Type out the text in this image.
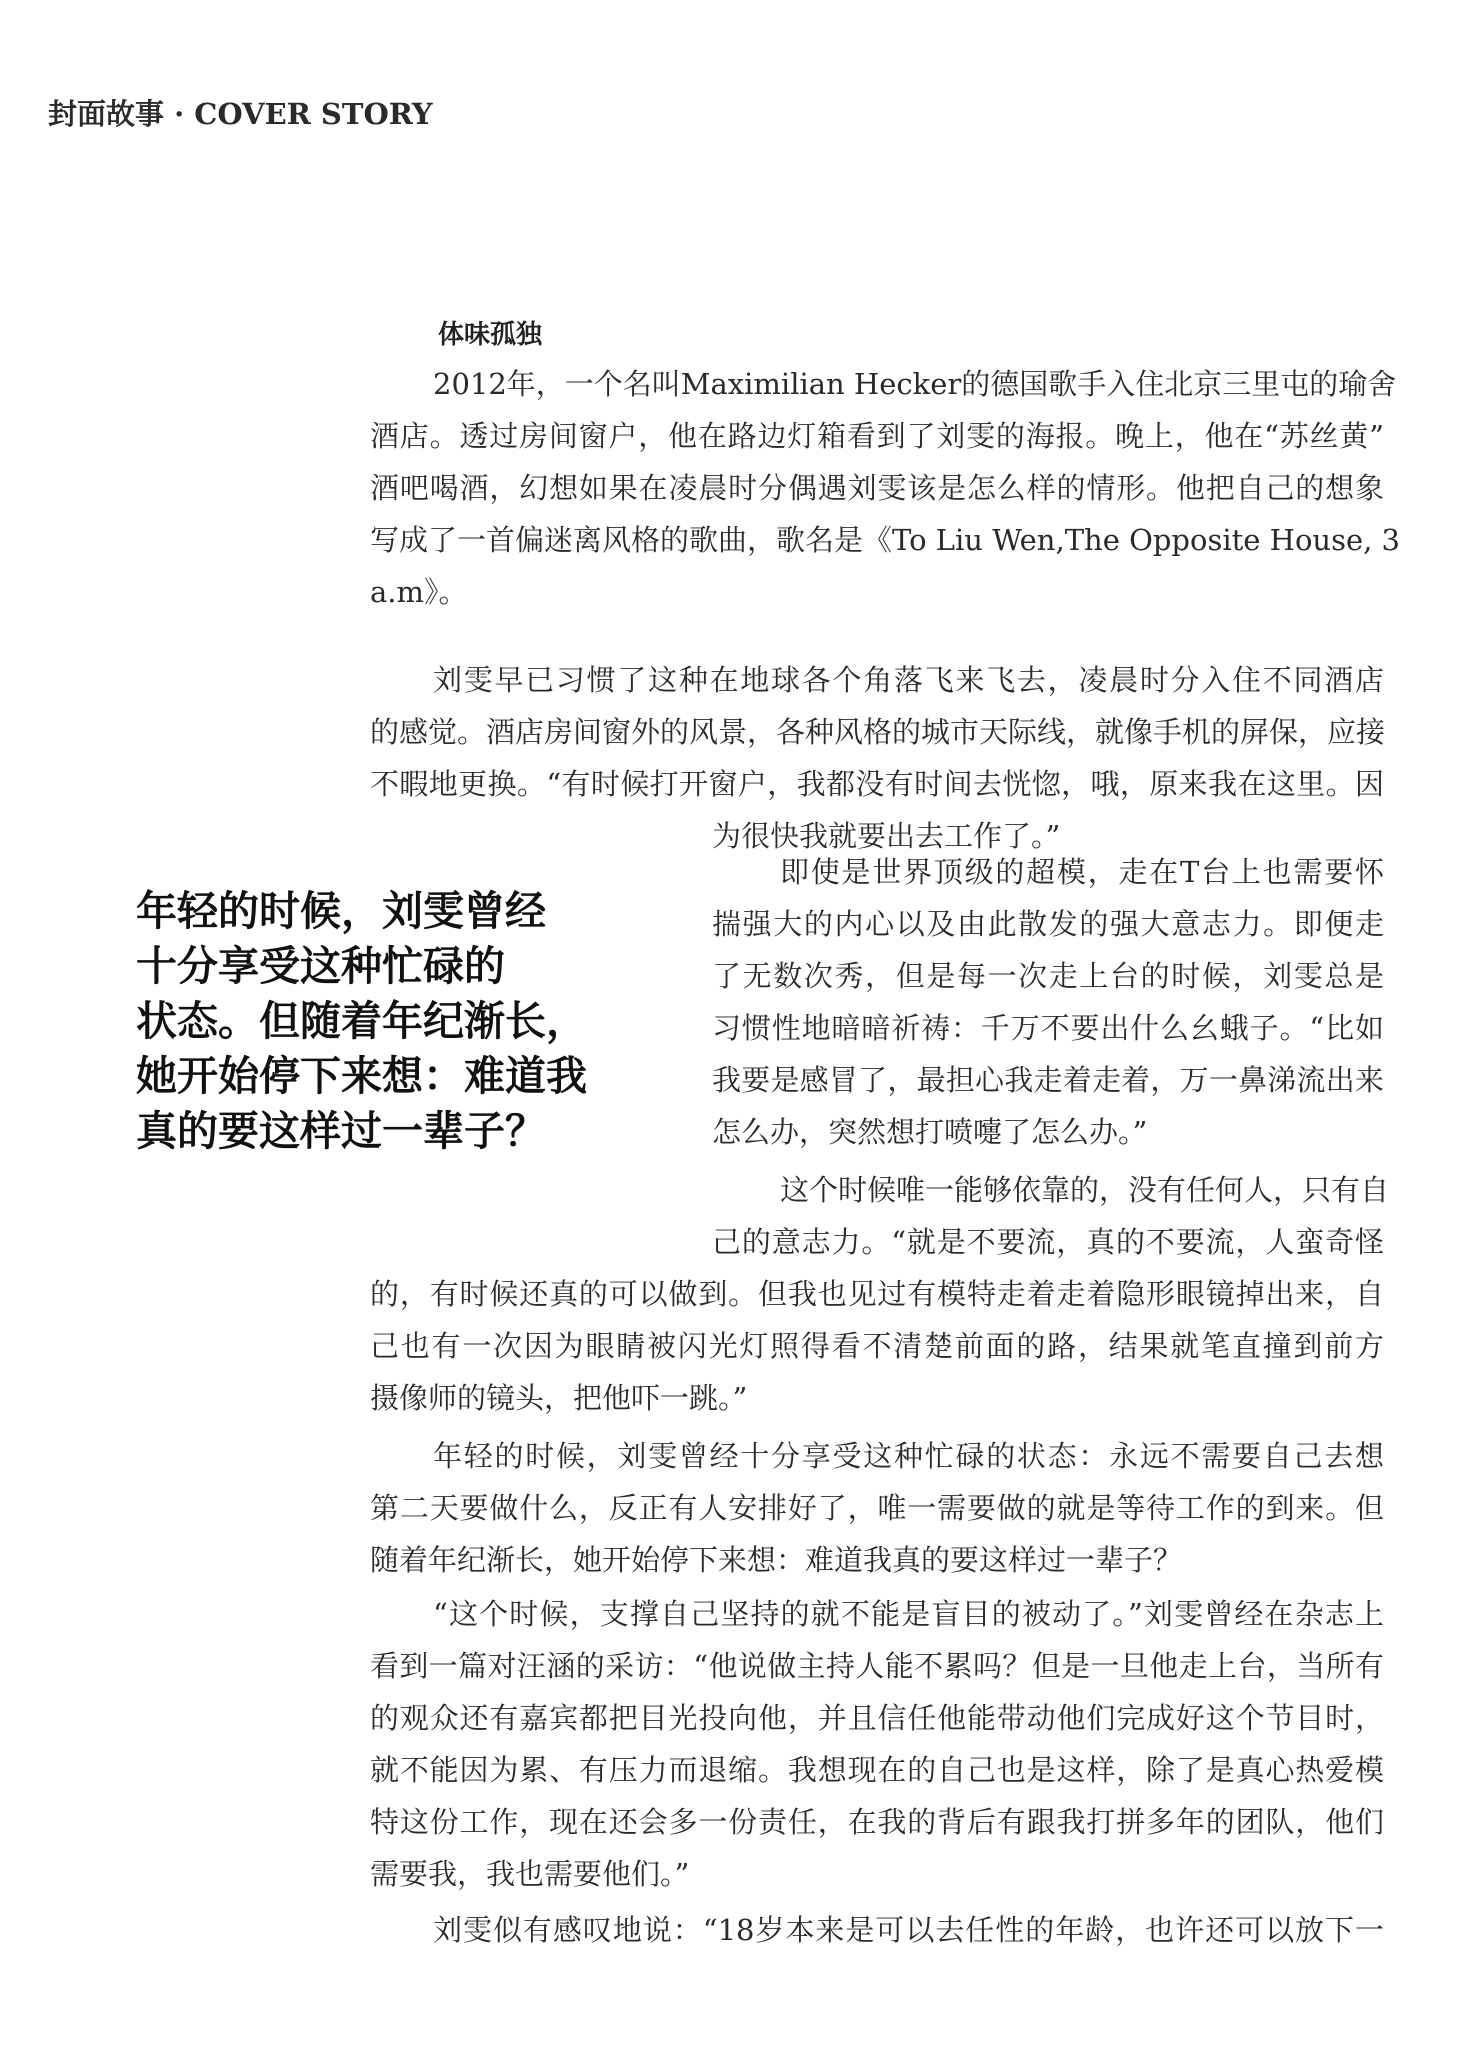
封面故事 · COVER STORY
体味孤独
年轻的时候，刘雯曾经
十分享受这种忙碌的
状态。但随着年纪渐长，
她开始停下来想：难道我
真的要这样过一辈子？
2012年，一个名叫Maximilian Hecker的德国歌手入住北京三里屯的瑜舍
酒店。透过房间窗户，他在路边灯箱看到了刘雯的海报。晚上，他在“苏丝黄”
酒吧喝酒，幻想如果在凌晨时分偶遇刘雯该是怎么样的情形。他把自己的想象
写成了一首偏迷离风格的歌曲，歌名是《To Liu Wen,The Opposite House, 3
a.m》。
刘雯早已习惯了这种在地球各个角落飞来飞去，凌晨时分入住不同酒店
的感觉。酒店房间窗外的风景，各种风格的城市天际线，就像手机的屏保，应接
不暇地更换。“有时候打开窗户，我都没有时间去恍惚，哦，原来我在这里。因
为很快我就要出去工作了。”
即使是世界顶级的超模，走在T台上也需要怀
揣强大的内心以及由此散发的强大意志力。即便走
了无数次秀，但是每一次走上台的时候，刘雯总是
习惯性地暗暗祈祷：千万不要出什么幺蛾子。“比如
我要是感冒了，最担心我走着走着，万一鼻涕流出来
怎么办，突然想打喷嚏了怎么办。”
这个时候唯一能够依靠的，没有任何人，只有自
己的意志力。“就是不要流，真的不要流，人蛮奇怪
的，有时候还真的可以做到。但我也见过有模特走着走着隐形眼镜掉出来，自
己也有一次因为眼睛被闪光灯照得看不清楚前面的路，结果就笔直撞到前方
摄像师的镜头，把他吓一跳。”
年轻的时候，刘雯曾经十分享受这种忙碌的状态：永远不需要自己去想
第二天要做什么，反正有人安排好了，唯一需要做的就是等待工作的到来。但
随着年纪渐长，她开始停下来想：难道我真的要这样过一辈子？
“这个时候，支撑自己坚持的就不能是盲目的被动了。”刘雯曾经在杂志上
看到一篇对汪涵的采访：“他说做主持人能不累吗？但是一旦他走上台，当所有
的观众还有嘉宾都把目光投向他，并且信任他能带动他们完成好这个节目时，
就不能因为累、有压力而退缩。我想现在的自己也是这样，除了是真心热爱模
特这份工作，现在还会多一份责任，在我的背后有跟我打拼多年的团队，他们
需要我，我也需要他们。”
刘雯似有感叹地说：“18岁本来是可以去任性的年龄，也许还可以放下一
